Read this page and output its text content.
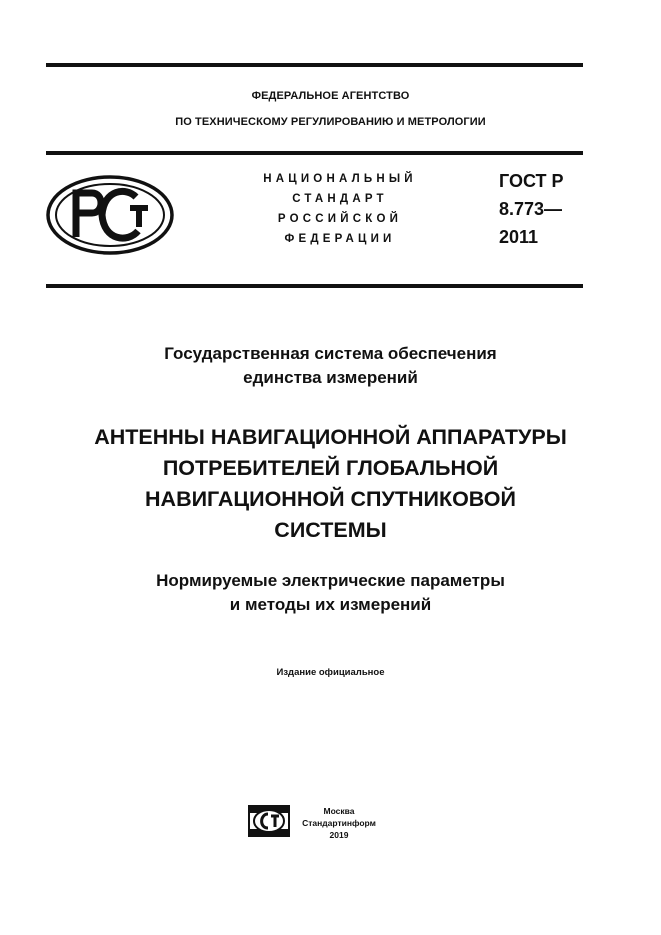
ФЕДЕРАЛЬНОЕ АГЕНТСТВО
ПО ТЕХНИЧЕСКОМУ РЕГУЛИРОВАНИЮ И МЕТРОЛОГИИ
НАЦИОНАЛЬНЫЙ
СТАНДАРТ
РОССИЙСКОЙ
ФЕДЕРАЦИИ
ГОСТ Р
8.773—
2011
Государственная система обеспечения
единства измерений
АНТЕННЫ НАВИГАЦИОННОЙ АППАРАТУРЫ
ПОТРЕБИТЕЛЕЙ ГЛОБАЛЬНОЙ
НАВИГАЦИОННОЙ СПУТНИКОВОЙ
СИСТЕМЫ
Нормируемые электрические параметры
и методы их измерений
Издание официальное
Москва
Стандартинформ
2019
